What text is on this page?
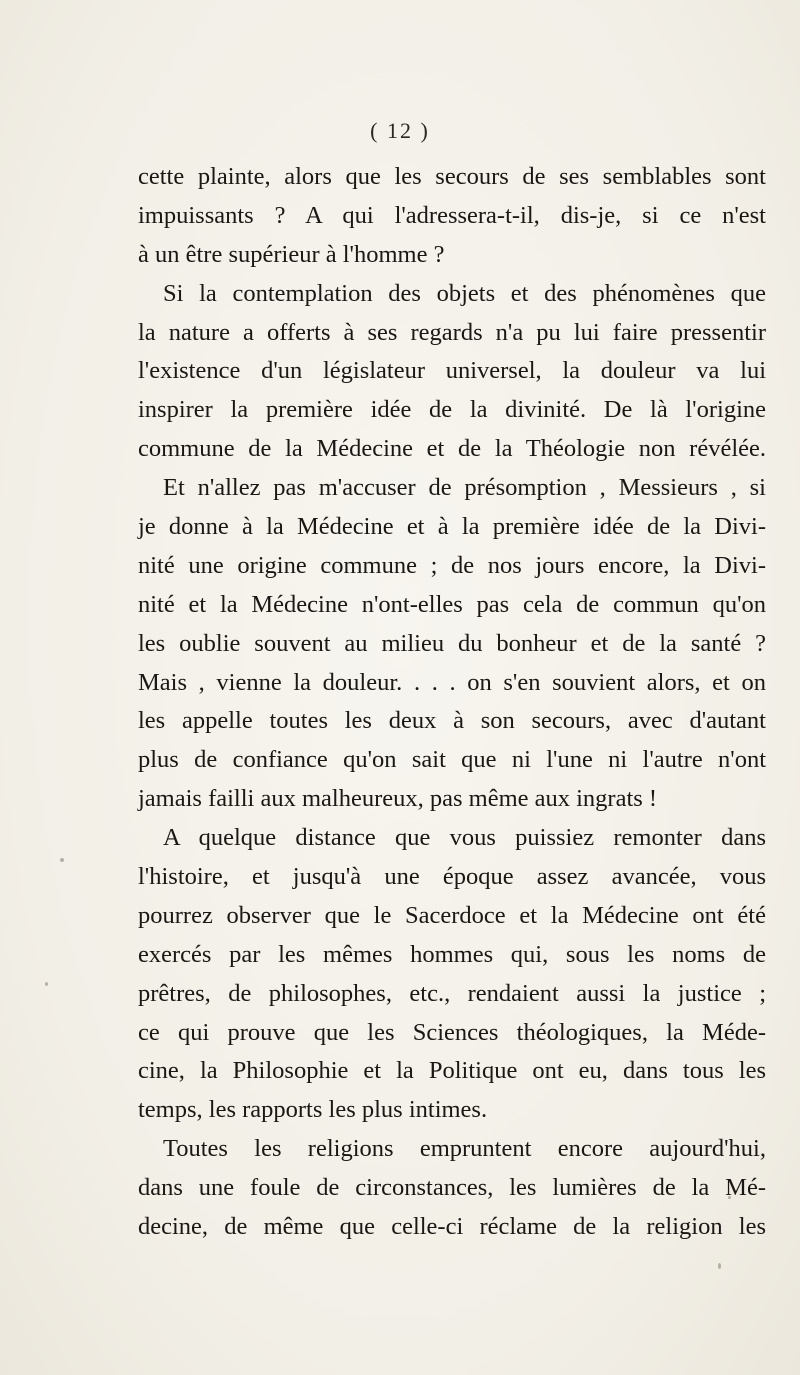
( 12 )
cette plainte, alors que les secours de ses semblables sont
impuissants ? A qui l'adressera-t-il, dis-je, si ce n'est
à un être supérieur à l'homme ?
Si la contemplation des objets et des phénomènes que
la nature a offerts à ses regards n'a pu lui faire pressentir
l'existence d'un législateur universel, la douleur va lui
inspirer la première idée de la divinité. De là l'origine
commune de la Médecine et de la Théologie non révélée.
Et n'allez pas m'accuser de présomption , Messieurs , si
je donne à la Médecine et à la première idée de la Divi-
nité une origine commune ; de nos jours encore, la Divi-
nité et la Médecine n'ont-elles pas cela de commun qu'on
les oublie souvent au milieu du bonheur et de la santé ?
Mais , vienne la douleur. . . . on s'en souvient alors, et on
les appelle toutes les deux à son secours, avec d'autant
plus de confiance qu'on sait que ni l'une ni l'autre n'ont
jamais failli aux malheureux, pas même aux ingrats !
A quelque distance que vous puissiez remonter dans
l'histoire, et jusqu'à une époque assez avancée, vous
pourrez observer que le Sacerdoce et la Médecine ont été
exercés par les mêmes hommes qui, sous les noms de
prêtres, de philosophes, etc., rendaient aussi la justice ;
ce qui prouve que les Sciences théologiques, la Méde-
cine, la Philosophie et la Politique ont eu, dans tous les
temps, les rapports les plus intimes.
Toutes les religions empruntent encore aujourd'hui,
dans une foule de circonstances, les lumières de la Mé-
decine, de même que celle-ci réclame de la religion les
